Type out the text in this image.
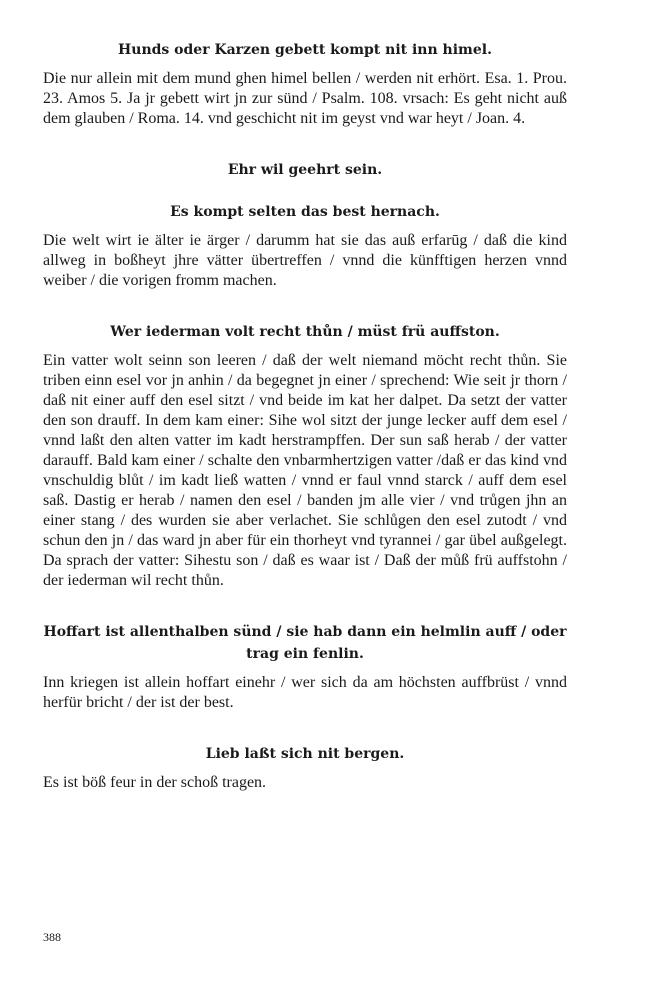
Hunds oder Karzen gebett kompt nit inn himel.

Die nur allein mit dem mund ghen himel bellen / werden nit erhört. Esa. 1. Prou. 23. Amos 5. Ja jr gebett wirt jn zur sünd / Psalm. 108. vrsach: Es geht nicht auß dem glauben / Roma. 14. vnd geschicht nit im geyst vnd war heyt / Joan. 4.

Ehr wil geehrt sein.
Es kompt selten das best hernach.

Die welt wirt ie älter ie ärger / darumm hat sie das auß erfarūg / daß die kind allweg in boßheyt jhre vätter übertreffen / vnnd die künfftigen herzen vnnd weiber / die vorigen fromm machen.

Wer iederman volt recht thůn / müst frü auffston.

Ein vatter wolt seinn son leeren / daß der welt niemand möcht recht thůn. Sie triben einn esel vor jn anhin / da begegnet jn einer / sprechend: Wie seit jr thorn / daß nit einer auff den esel sitzt / vnd beide im kat her dalpet. Da setzt der vatter den son drauff. In dem kam einer: Sihe wol sitzt der junge lecker auff dem esel / vnnd laßt den alten vatter im kadt herstrampffen. Der sun saß herab / der vatter darauff. Bald kam einer / schalte den vnbarmhertzigen vatter /daß er das kind vnd vnschuldig blůt / im kadt ließ watten / vnnd er faul vnnd starck / auff dem esel saß. Dastig er herab / namen den esel / banden jm alle vier / vnd trůgen jhn an einer stang / des wurden sie aber verlachet. Sie schlůgen den esel zutodt / vnd schun den jn / das ward jn aber für ein thorheyt vnd tyrannei / gar übel außgelegt. Da sprach der vatter: Sihestu son / daß es waar ist / Daß der můß frü auffstohn / der iederman wil recht thůn.

Hoffart ist allenthalben sünd / sie hab dann ein helmlin auff / oder trag ein fenlin.

Inn kriegen ist allein hoffart einehr / wer sich da am höchsten auffbrüst / vnnd herfür bricht / der ist der best.

Lieb laßt sich nit bergen.

Es ist böß feur in der schoß tragen.

388
